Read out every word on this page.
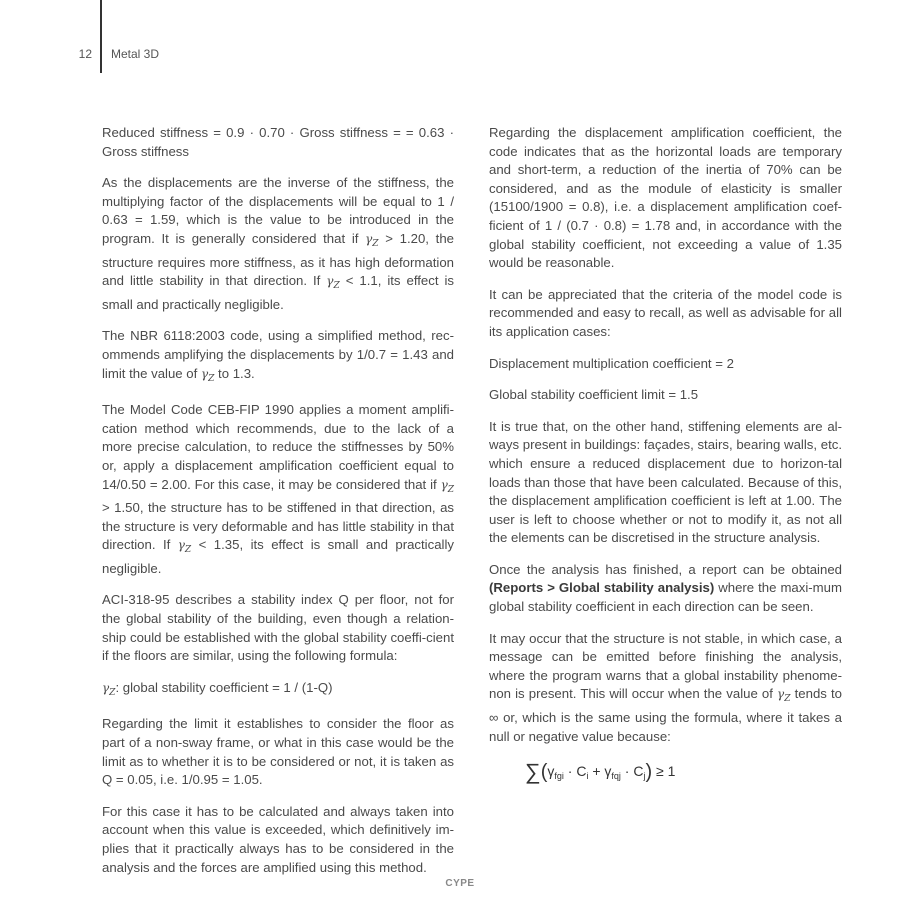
12 Metal 3D

Reduced stiffness = 0.9 · 0.70 · Gross stiffness = = 0.63 · Gross stiffness

As the displacements are the inverse of the stiffness, the multiplying factor of the displacements will be equal to 1 / 0.63 = 1.59, which is the value to be introduced in the program. It is generally considered that if $\gamma_Z > 1.20$, the structure requires more stiffness, as it has high deformation and little stability in that direction. If $\gamma_Z < 1.1$, its effect is small and practically negligible.

The NBR 6118:2003 code, using a simplified method, rec-ommends amplifying the displacements by 1/0.7 = 1.43 and limit the value of $\gamma_Z$ to 1.3.

The Model Code CEB-FIP 1990 applies a moment amplifi-cation method which recommends, due to the lack of a more precise calculation, to reduce the stiffnesses by 50% or, apply a displacement amplification coefficient equal to 14/0.50 = 2.00. For this case, it may be considered that if $\gamma_Z > 1.50$, the structure has to be stiffened in that direction, as the structure is very deformable and has little stability in that direction. If $\gamma_Z < 1.35$, its effect is small and practically negligible.

ACI-318-95 describes a stability index Q per floor, not for the global stability of the building, even though a relation-ship could be established with the global stability coeffi-cient if the floors are similar, using the following formula:

$\gamma_Z$: global stability coefficient = 1 / (1-Q)

Regarding the limit it establishes to consider the floor as part of a non-sway frame, or what in this case would be the limit as to whether it is to be considered or not, it is taken as Q = 0.05, i.e. 1/0.95 = 1.05.

For this case it has to be calculated and always taken into account when this value is exceeded, which definitively im-plies that it practically always has to be considered in the analysis and the forces are amplified using this method.

Regarding the displacement amplification coefficient, the code indicates that as the horizontal loads are temporary and short-term, a reduction of the inertia of 70% can be considered, and as the module of elasticity is smaller (15100/1900 = 0.8), i.e. a displacement amplification coef-ficient of 1 / (0.7 · 0.8) = 1.78 and, in accordance with the global stability coefficient, not exceeding a value of 1.35 would be reasonable.

It can be appreciated that the criteria of the model code is recommended and easy to recall, as well as advisable for all its application cases:

Displacement multiplication coefficient = 2

Global stability coefficient limit = 1.5

It is true that, on the other hand, stiffening elements are al-ways present in buildings: façades, stairs, bearing walls, etc. which ensure a reduced displacement due to horizon-tal loads than those that have been calculated. Because of this, the displacement amplification coefficient is left at 1.00. The user is left to choose whether or not to modify it, as not all the elements can be discretised in the structure analysis.

Once the analysis has finished, a report can be obtained (Reports > Global stability analysis) where the maxi-mum global stability coefficient in each direction can be seen.

It may occur that the structure is not stable, in which case, a message can be emitted before finishing the analysis, where the program warns that a global instability phenome-non is present. This will occur when the value of $\gamma_Z$ tends to ∞ or, which is the same using the formula, where it takes a null or negative value because:

$\sum(\gamma_{fgi} \cdot C_i + \gamma_{fqj} \cdot C_j) \ge 1$
CYPE
